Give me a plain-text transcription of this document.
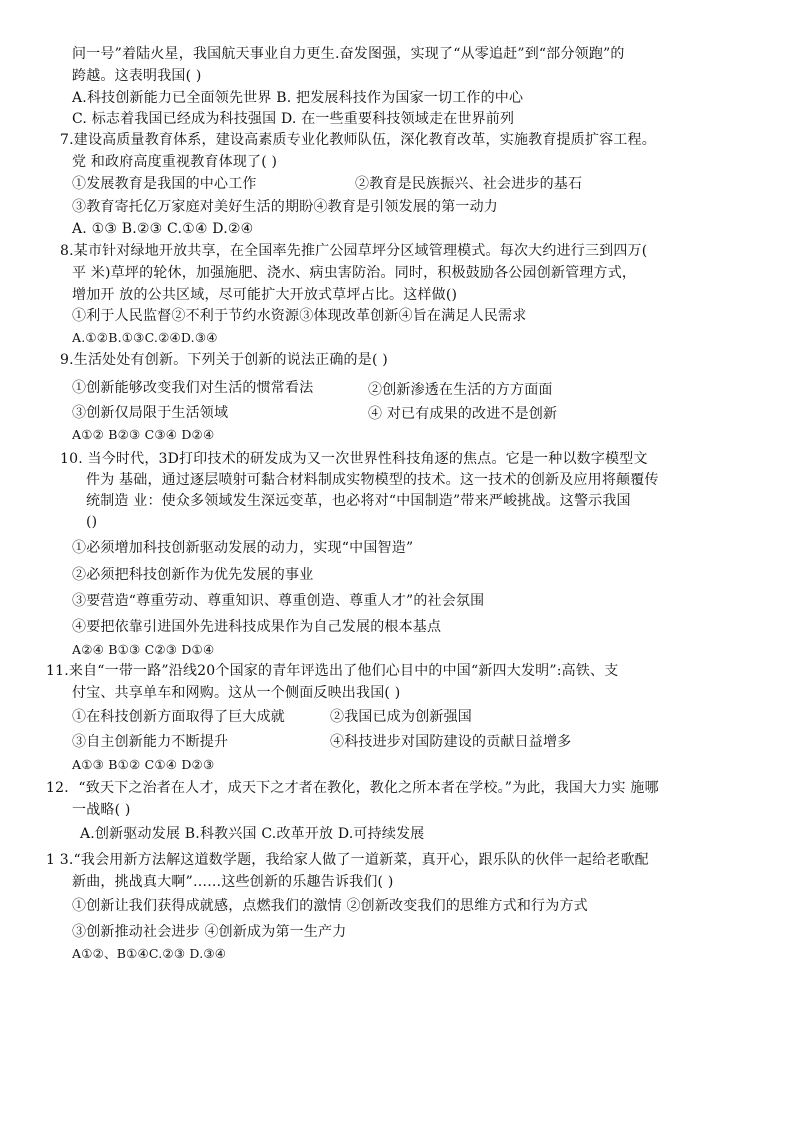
问一号”着陆火星，我国航天事业自力更生.奋发图强，实现了“从零追赶”到“部分领跑”的
跨越。这表明我国( )
A.科技创新能力已全面领先世界 B. 把发展科技作为国家一切工作的中心
C. 标志着我国已经成为科技强国 D. 在一些重要科技领域走在世界前列
7.建设高质量教育体系，建设高素质专业化教师队伍，深化教育改革，实施教育提质扩容工程。
党 和政府高度重视教育体现了( )
①发展教育是我国的中心工作	②教育是民族振兴、社会进步的基石
③教育寄托亿万家庭对美好生活的期盼④教育是引领发展的第一动力
A. ①③ B.②③ C.①④ D.②④
8.某市针对绿地开放共享，在全国率先推广公园草坪分区域管理模式。每次大约进行三到四万(
平 米)草坪的轮休，加强施肥、浇水、病虫害防治。同时，积极鼓励各公园创新管理方式，
增加开 放的公共区域，尽可能扩大开放式草坪占比。这样做()
①利于人民监督②不利于节约水资源③体现改革创新④旨在满足人民需求
A.①②B.①③C.②④D.③④
9.生活处处有创新。下列关于创新的说法正确的是( )
①创新能够改变我们对生活的惯常看法	②创新渗透在生活的方方面面
③创新仅局限于生活领域	④ 对已有成果的改进不是创新
A①② B②③ C③④ D②④
10. 当今时代，3D打印技术的研发成为又一次世界性科技角逐的焦点。它是一种以数字模型文
件为 基础，通过逐层喷射可黏合材料制成实物模型的技术。这一技术的创新及应用将颠覆传
统制造 业：使众多领域发生深远变革，也必将对“中国制造”带来严峻挑战。这警示我国
()
①必须增加科技创新驱动发展的动力，实现“中国智造”
②必须把科技创新作为优先发展的事业
③要营造“尊重劳动、尊重知识、尊重创造、尊重人才”的社会氛围
④要把依靠引进国外先进科技成果作为自己发展的根本基点
A②④ B①③ C②③ D①④
11.来自“一带一路”沿线20个国家的青年评选出了他们心目中的中国“新四大发明”:高铁、支
付宝、共享单车和网购。这从一个侧面反映出我国( )
①在科技创新方面取得了巨大成就	②我国已成为创新强国
③自主创新能力不断提升	④科技进步对国防建设的贡献日益增多
A①③ B①② C①④ D②③
12．“致天下之治者在人才，成天下之才者在教化，教化之所本者在学校。”为此，我国大力实 施哪
一战略( )
A.创新驱动发展 B.科教兴国 C.改革开放 D.可持续发展
1 3.“我会用新方法解这道数学题，我给家人做了一道新菜，真开心，跟乐队的伙伴一起给老歌配
新曲，挑战真大啊”……这些创新的乐趣告诉我们( )
①创新让我们获得成就感，点燃我们的激情 ②创新改变我们的思维方式和行为方式
③创新推动社会进步 ④创新成为第一生产力
A①②、B①④C.②③ D.③④
